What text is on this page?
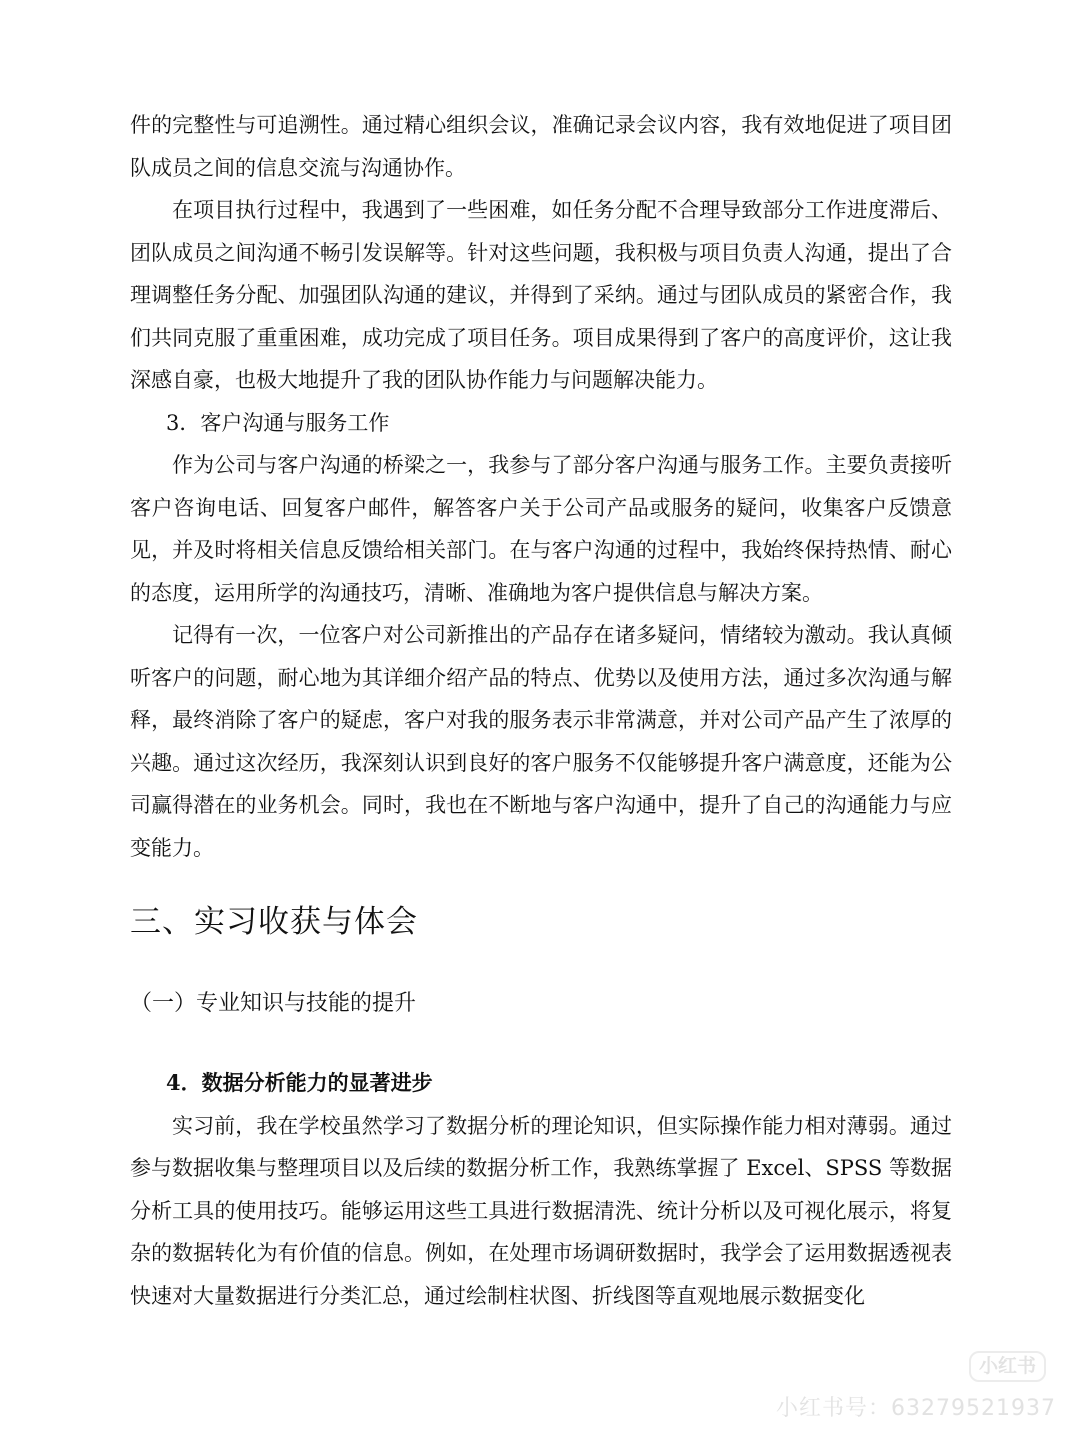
件的完整性与可追溯性。通过精心组织会议，准确记录会议内容，我有效地促进了项目团队成员之间的信息交流与沟通协作。

在项目执行过程中，我遇到了一些困难，如任务分配不合理导致部分工作进度滞后、团队成员之间沟通不畅引发误解等。针对这些问题，我积极与项目负责人沟通，提出了合理调整任务分配、加强团队沟通的建议，并得到了采纳。通过与团队成员的紧密合作，我们共同克服了重重困难，成功完成了项目任务。项目成果得到了客户的高度评价，这让我深感自豪，也极大地提升了我的团队协作能力与问题解决能力。

3．客户沟通与服务工作

作为公司与客户沟通的桥梁之一，我参与了部分客户沟通与服务工作。主要负责接听客户咨询电话、回复客户邮件，解答客户关于公司产品或服务的疑问，收集客户反馈意见，并及时将相关信息反馈给相关部门。在与客户沟通的过程中，我始终保持热情、耐心的态度，运用所学的沟通技巧，清晰、准确地为客户提供信息与解决方案。

记得有一次，一位客户对公司新推出的产品存在诸多疑问，情绪较为激动。我认真倾听客户的问题，耐心地为其详细介绍产品的特点、优势以及使用方法，通过多次沟通与解释，最终消除了客户的疑虑，客户对我的服务表示非常满意，并对公司产品产生了浓厚的兴趣。通过这次经历，我深刻认识到良好的客户服务不仅能够提升客户满意度，还能为公司赢得潜在的业务机会。同时，我也在不断地与客户沟通中，提升了自己的沟通能力与应变能力。

三、实习收获与体会
（一）专业知识与技能的提升
4．数据分析能力的显著进步

实习前，我在学校虽然学习了数据分析的理论知识，但实际操作能力相对薄弱。通过参与数据收集与整理项目以及后续的数据分析工作，我熟练掌握了 Excel、SPSS 等数据分析工具的使用技巧。能够运用这些工具进行数据清洗、统计分析以及可视化展示，将复杂的数据转化为有价值的信息。例如，在处理市场调研数据时，我学会了运用数据透视表快速对大量数据进行分类汇总，通过绘制柱状图、折线图等直观地展示数据变化

小红书
小红书号：63279521937
